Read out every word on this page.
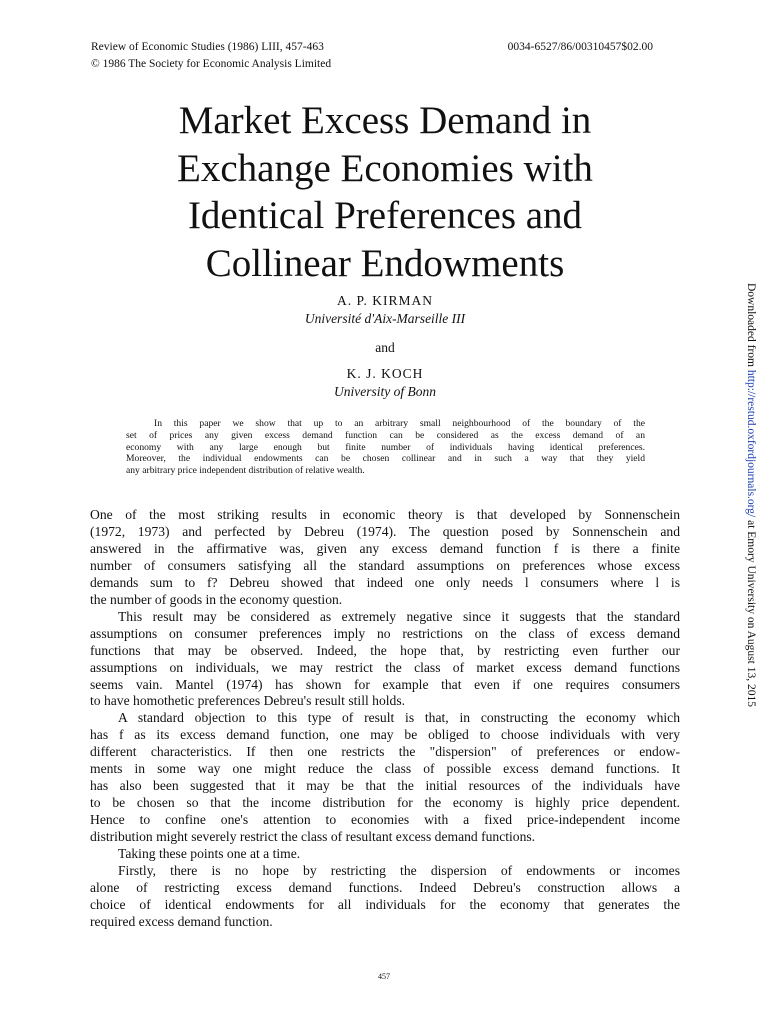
Review of Economic Studies (1986) LIII, 457-463
© 1986 The Society for Economic Analysis Limited
0034-6527/86/00310457$02.00
Market Excess Demand in
Exchange Economies with
Identical Preferences and
Collinear Endowments
A. P. KIRMAN
Université d'Aix-Marseille III
and
K. J. KOCH
University of Bonn
In this paper we show that up to an arbitrary small neighbourhood of the boundary of the
set of prices any given excess demand function can be considered as the excess demand of an
economy with any large enough but finite number of individuals having identical preferences.
Moreover, the individual endowments can be chosen collinear and in such a way that they yield
any arbitrary price independent distribution of relative wealth.
One of the most striking results in economic theory is that developed by Sonnenschein
(1972, 1973) and perfected by Debreu (1974). The question posed by Sonnenschein and
answered in the affirmative was, given any excess demand function f is there a finite
number of consumers satisfying all the standard assumptions on preferences whose excess
demands sum to f? Debreu showed that indeed one only needs l consumers where l is
the number of goods in the economy question.
This result may be considered as extremely negative since it suggests that the standard
assumptions on consumer preferences imply no restrictions on the class of excess demand
functions that may be observed. Indeed, the hope that, by restricting even further our
assumptions on individuals, we may restrict the class of market excess demand functions
seems vain. Mantel (1974) has shown for example that even if one requires consumers
to have homothetic preferences Debreu's result still holds.
A standard objection to this type of result is that, in constructing the economy which
has f as its excess demand function, one may be obliged to choose individuals with very
different characteristics. If then one restricts the "dispersion" of preferences or endow-
ments in some way one might reduce the class of possible excess demand functions. It
has also been suggested that it may be that the initial resources of the individuals have
to be chosen so that the income distribution for the economy is highly price dependent.
Hence to confine one's attention to economies with a fixed price-independent income
distribution might severely restrict the class of resultant excess demand functions.
Taking these points one at a time.
Firstly, there is no hope by restricting the dispersion of endowments or incomes
alone of restricting excess demand functions. Indeed Debreu's construction allows a
choice of identical endowments for all individuals for the economy that generates the
required excess demand function.
457
Downloaded from http://restud.oxfordjournals.org/ at Emory University on August 13, 2015
